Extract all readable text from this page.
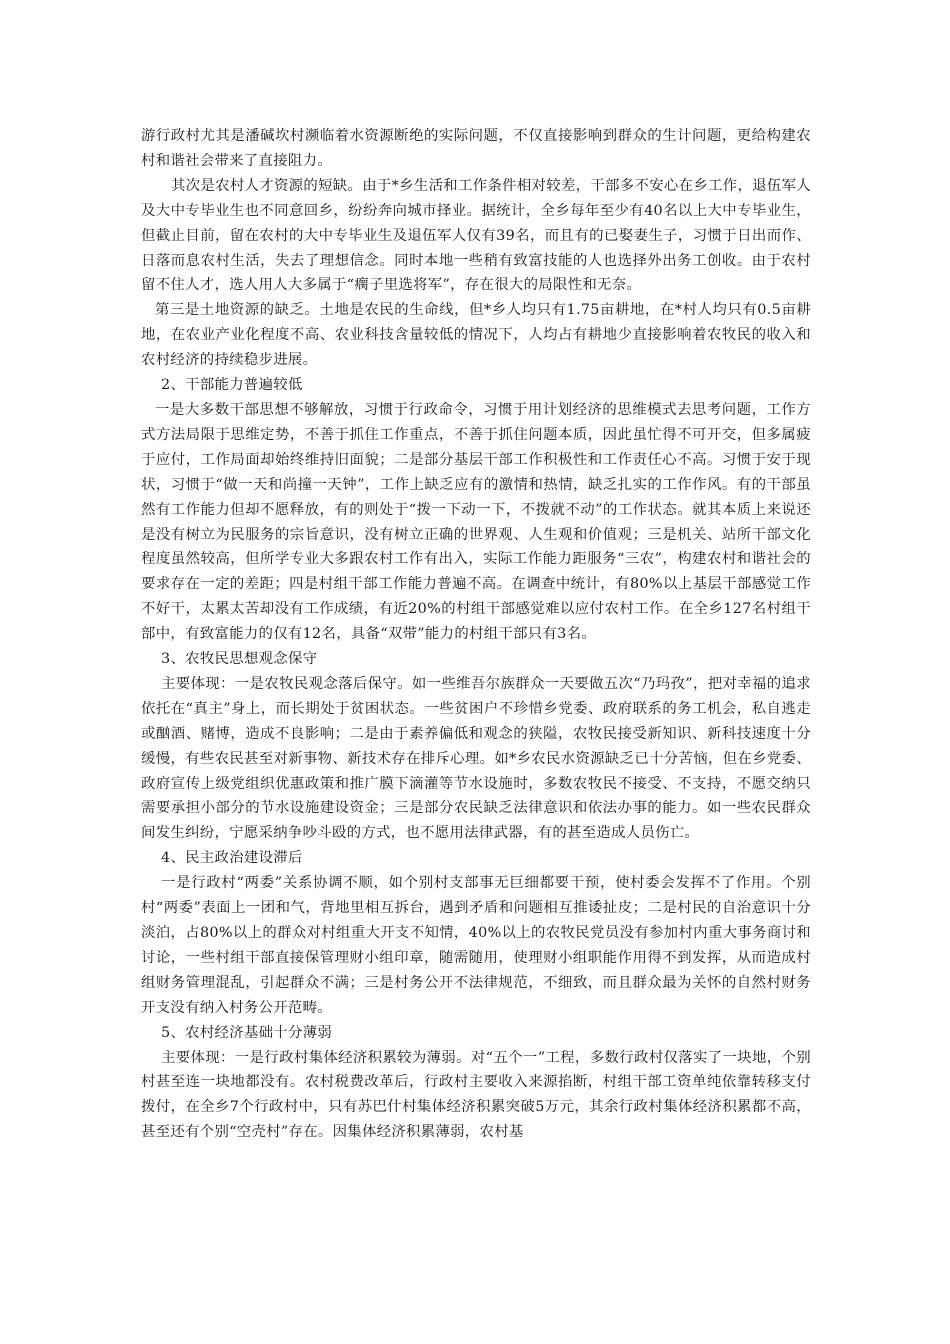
游行政村尤其是潘碱坎村濒临着水资源断绝的实际问题，不仅直接影响到群众的生计问题，更给构建农村和谐社会带来了直接阻力。

其次是农村人才资源的短缺。由于*乡生活和工作条件相对较差，干部多不安心在乡工作，退伍军人及大中专毕业生也不同意回乡，纷纷奔向城市择业。据统计，全乡每年至少有40名以上大中专毕业生，但截止目前，留在农村的大中专毕业生及退伍军人仅有39名，而且有的已娶妻生子，习惯于日出而作、日落而息农村生活，失去了理想信念。同时本地一些稍有致富技能的人也选择外出务工创收。由于农村留不住人才，选人用人大多属于“瘸子里选将军”，存在很大的局限性和无奈。

第三是土地资源的缺乏。土地是农民的生命线，但*乡人均只有1.75亩耕地，在*村人均只有0.5亩耕地，在农业产业化程度不高、农业科技含量较低的情况下，人均占有耕地少直接影响着农牧民的收入和农村经济的持续稳步进展。

2、干部能力普遍较低

一是大多数干部思想不够解放，习惯于行政命令，习惯于用计划经济的思维模式去思考问题，工作方式方法局限于思维定势，不善于抓住工作重点，不善于抓住问题本质，因此虽忙得不可开交，但多属疲于应付，工作局面却始终维持旧面貌；二是部分基层干部工作积极性和工作责任心不高。习惯于安于现状，习惯于“做一天和尚撞一天钟”，工作上缺乏应有的激情和热情，缺乏扎实的工作作风。有的干部虽然有工作能力但却不愿释放，有的则处于“拨一下动一下，不拨就不动”的工作状态。就其本质上来说还是没有树立为民服务的宗旨意识，没有树立正确的世界观、人生观和价值观；三是机关、站所干部文化程度虽然较高，但所学专业大多跟农村工作有出入，实际工作能力距服务“三农”，构建农村和谐社会的要求存在一定的差距；四是村组干部工作能力普遍不高。在调查中统计，有80%以上基层干部感觉工作不好干，太累太苦却没有工作成绩，有近20%的村组干部感觉难以应付农村工作。在全乡127名村组干部中，有致富能力的仅有12名，具备“双带”能力的村组干部只有3名。

3、农牧民思想观念保守

主要体现：一是农牧民观念落后保守。如一些维吾尔族群众一天要做五次“乃玛孜”，把对幸福的追求依托在“真主”身上，而长期处于贫困状态。一些贫困户不珍惜乡党委、政府联系的务工机会，私自逃走或酗酒、赌博，造成不良影响；二是由于素养偏低和观念的狭隘，农牧民接受新知识、新科技速度十分缓慢，有些农民甚至对新事物、新技术存在排斥心理。如*乡农民水资源缺乏已十分苦恼，但在乡党委、政府宣传上级党组织优惠政策和推广膜下滴灌等节水设施时，多数农牧民不接受、不支持，不愿交纳只需要承担小部分的节水设施建设资金；三是部分农民缺乏法律意识和依法办事的能力。如一些农民群众间发生纠纷，宁愿采纳争吵斗殴的方式，也不愿用法律武器，有的甚至造成人员伤亡。

4、民主政治建设滞后

一是行政村“两委”关系协调不顺，如个别村支部事无巨细都要干预，使村委会发挥不了作用。个别村“两委”表面上一团和气，背地里相互拆台，遇到矛盾和问题相互推诿扯皮；二是村民的自治意识十分淡泊，占80%以上的群众对村组重大开支不知情，40%以上的农牧民党员没有参加村内重大事务商讨和讨论，一些村组干部直接保管理财小组印章，随需随用，使理财小组职能作用得不到发挥，从而造成村组财务管理混乱，引起群众不满；三是村务公开不法律规范，不细致，而且群众最为关怀的自然村财务开支没有纳入村务公开范畴。

5、农村经济基础十分薄弱

主要体现：一是行政村集体经济积累较为薄弱。对“五个一”工程，多数行政村仅落实了一块地，个别村甚至连一块地都没有。农村税费改革后，行政村主要收入来源掐断，村组干部工资单纯依靠转移支付拨付，在全乡7个行政村中，只有苏巴什村集体经济积累突破5万元，其余行政村集体经济积累都不高，甚至还有个别“空壳村”存在。因集体经济积累薄弱，农村基
